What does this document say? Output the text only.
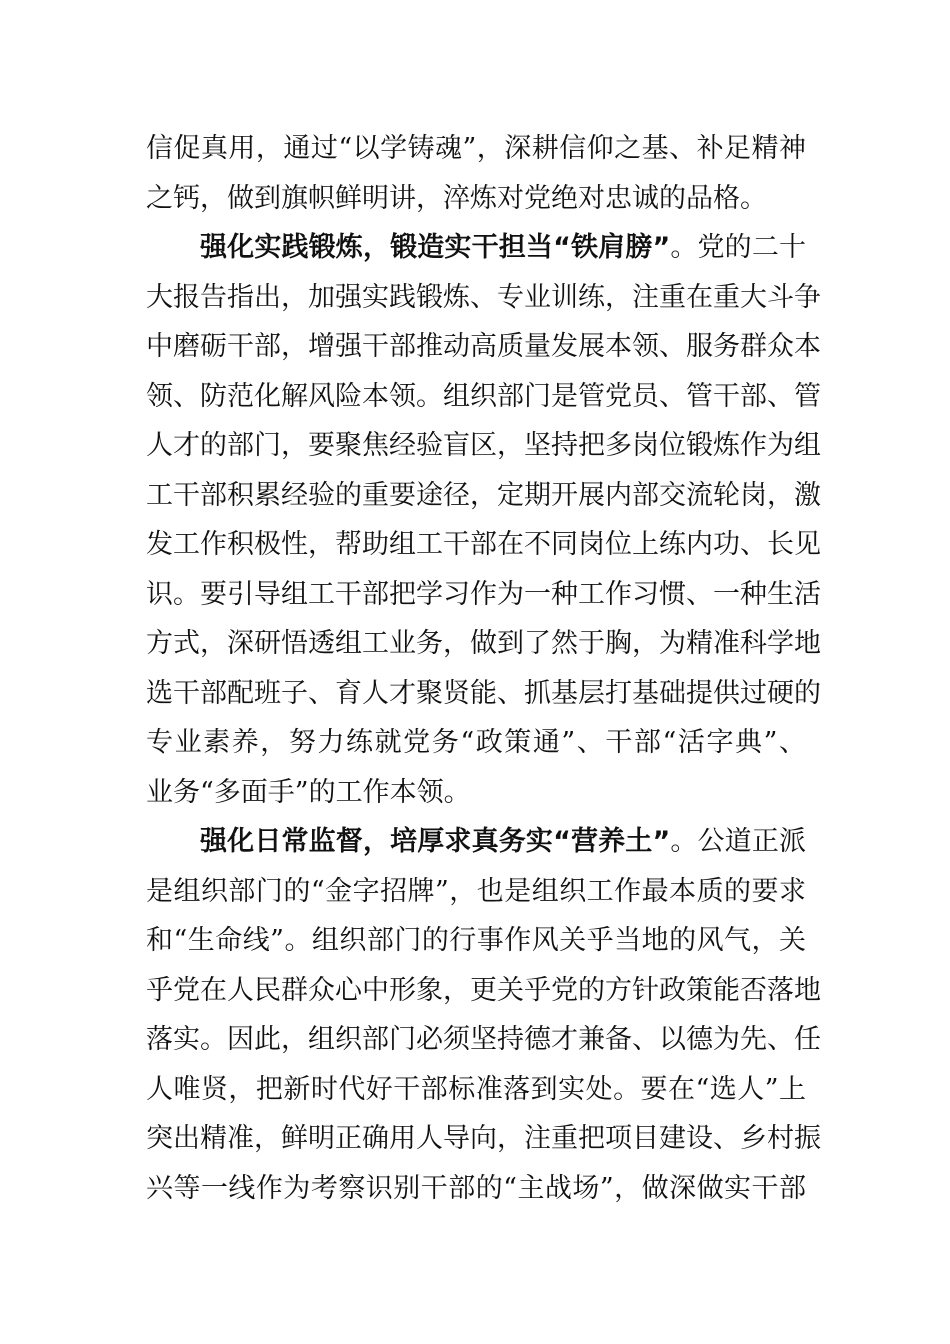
信促真用，通过“以学铸魂”，深耕信仰之基、补足精神
之钙，做到旗帜鲜明讲，淬炼对党绝对忠诚的品格。
强化实践锻炼，锻造实干担当“铁肩膀”。党的二十
大报告指出，加强实践锻炼、专业训练，注重在重大斗争
中磨砺干部，增强干部推动高质量发展本领、服务群众本
领、防范化解风险本领。组织部门是管党员、管干部、管
人才的部门，要聚焦经验盲区，坚持把多岗位锻炼作为组
工干部积累经验的重要途径，定期开展内部交流轮岗，激
发工作积极性，帮助组工干部在不同岗位上练内功、长见
识。要引导组工干部把学习作为一种工作习惯、一种生活
方式，深研悟透组工业务，做到了然于胸，为精准科学地
选干部配班子、育人才聚贤能、抓基层打基础提供过硬的
专业素养，努力练就党务“政策通”、干部“活字典”、
业务“多面手”的工作本领。
强化日常监督，培厚求真务实“营养土”。公道正派
是组织部门的“金字招牌”，也是组织工作最本质的要求
和“生命线”。组织部门的行事作风关乎当地的风气，关
乎党在人民群众心中形象，更关乎党的方针政策能否落地
落实。因此，组织部门必须坚持德才兼备、以德为先、任
人唯贤，把新时代好干部标准落到实处。要在“选人”上
突出精准，鲜明正确用人导向，注重把项目建设、乡村振
兴等一线作为考察识别干部的“主战场”，做深做实干部
